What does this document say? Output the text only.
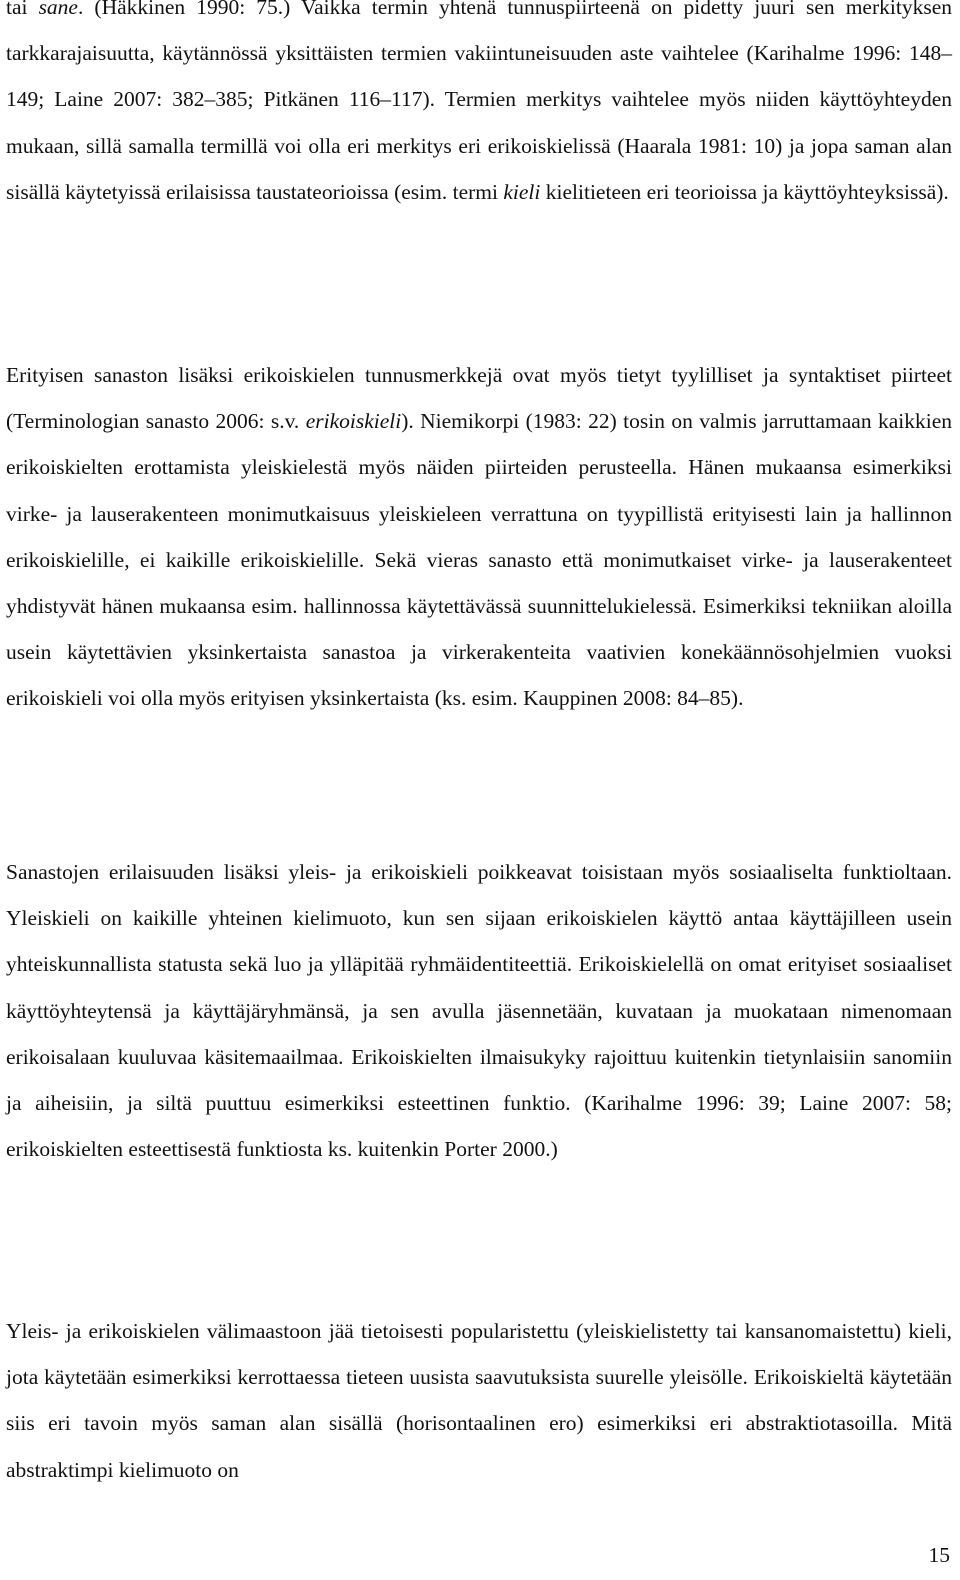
tai sane. (Häkkinen 1990: 75.) Vaikka termin yhtenä tunnuspiirteenä on pidetty juuri sen merkityksen tarkkarajaisuutta, käytännössä yksittäisten termien vakiintuneisuuden aste vaihtelee (Karihalme 1996: 148–149; Laine 2007: 382–385; Pitkänen 116–117). Termien merkitys vaihtelee myös niiden käyttöyhteyden mukaan, sillä samalla termillä voi olla eri merkitys eri erikoiskielissä (Haarala 1981: 10) ja jopa saman alan sisällä käytetyissä erilaisissa taustateorioissa (esim. termi kieli kielitieteen eri teorioissa ja käyttöyhteyksissä).

Erityisen sanaston lisäksi erikoiskielen tunnusmerkkejä ovat myös tietyt tyylilliset ja syntaktiset piirteet (Terminologian sanasto 2006: s.v. erikoiskieli). Niemikorpi (1983: 22) tosin on valmis jarruttamaan kaikkien erikoiskielten erottamista yleiskielestä myös näiden piirteiden perusteella. Hänen mukaansa esimerkiksi virke- ja lauserakenteen monimutkaisuus yleiskieleen verrattuna on tyypillistä erityisesti lain ja hallinnon erikoiskielille, ei kaikille erikoiskielille. Sekä vieras sanasto että monimutkaiset virke- ja lauserakenteet yhdistyvät hänen mukaansa esim. hallinnossa käytettävässä suunnittelukielessä. Esimerkiksi tekniikan aloilla usein käytettävien yksinkertaista sanastoa ja virkerakenteita vaativien konekäännösohjelmien vuoksi erikoiskieli voi olla myös erityisen yksinkertaista (ks. esim. Kauppinen 2008: 84–85).

Sanastojen erilaisuuden lisäksi yleis- ja erikoiskieli poikkeavat toisistaan myös sosiaaliselta funktioltaan. Yleiskieli on kaikille yhteinen kielimuoto, kun sen sijaan erikoiskielen käyttö antaa käyttäjilleen usein yhteiskunnallista statusta sekä luo ja ylläpitää ryhmäidentiteettiä. Erikoiskielellä on omat erityiset sosiaaliset käyttöyhteytensä ja käyttäjäryhmänsä, ja sen avulla jäsennetään, kuvataan ja muokataan nimenomaan erikoisalaan kuuluvaa käsitemaailmaa. Erikoiskielten ilmaisukyky rajoittuu kuitenkin tietynlaisiin sanomiin ja aiheisiin, ja siltä puuttuu esimerkiksi esteettinen funktio. (Karihalme 1996: 39; Laine 2007: 58; erikoiskielten esteettisestä funktiosta ks. kuitenkin Porter 2000.)

Yleis- ja erikoiskielen välimaastoon jää tietoisesti popularistettu (yleiskielistetty tai kansanomaistettu) kieli, jota käytetään esimerkiksi kerrottaessa tieteen uusista saavutuksista suurelle yleisölle. Erikoiskieltä käytetään siis eri tavoin myös saman alan sisällä (horisontaalinen ero) esimerkiksi eri abstraktiotasoilla. Mitä abstraktimpi kielimuoto on

15
